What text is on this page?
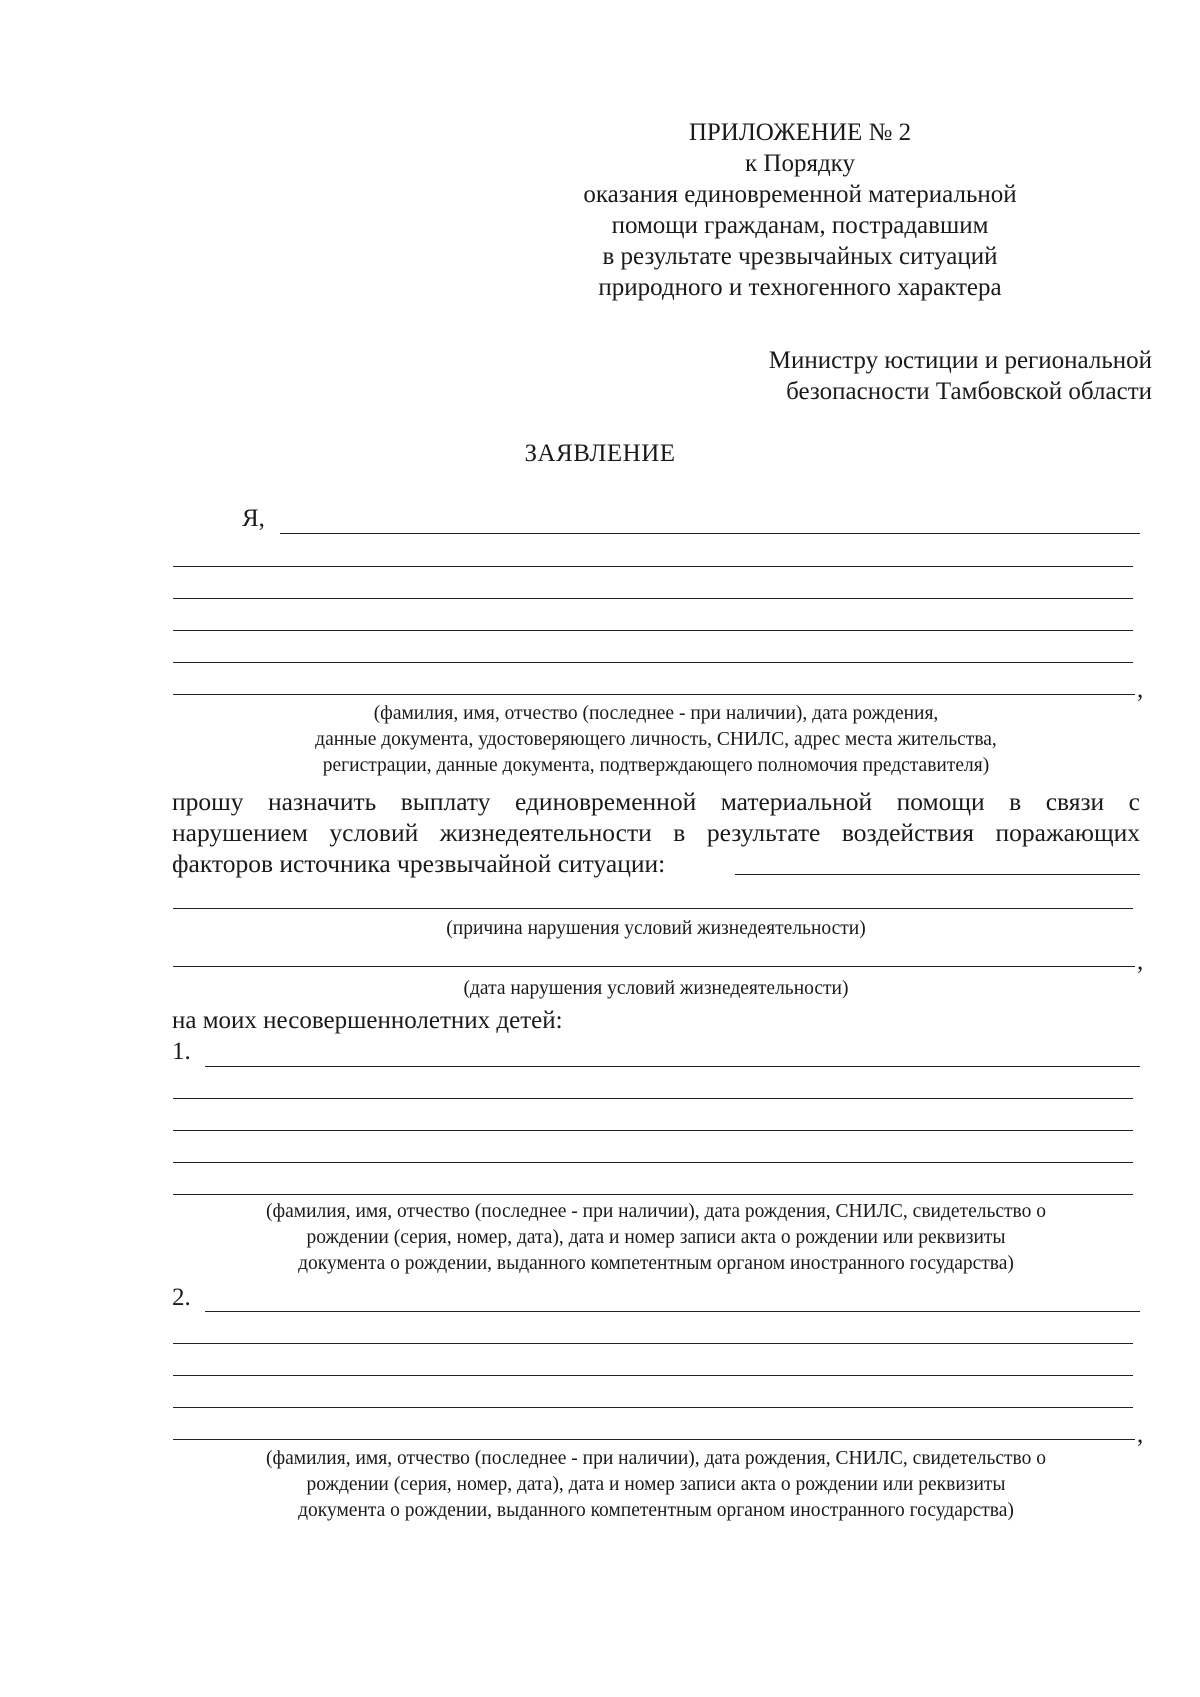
ПРИЛОЖЕНИЕ № 2
к Порядку
оказания единовременной материальной
помощи гражданам, пострадавшим
в результате чрезвычайных ситуаций
природного и техногенного характера
Министру юстиции и региональной
безопасности Тамбовской области
ЗАЯВЛЕНИЕ
Я,
,
(фамилия, имя, отчество (последнее - при наличии), дата рождения,
данные документа, удостоверяющего личность, СНИЛС, адрес места жительства,
регистрации, данные документа, подтверждающего полномочия представителя)
прошу назначить выплату единовременной материальной помощи в связи с
нарушением условий жизнедеятельности в результате воздействия поражающих
факторов источника чрезвычайной ситуации:
(причина нарушения условий жизнедеятельности)
,
(дата нарушения условий жизнедеятельности)
на моих несовершеннолетних детей:
1.
(фамилия, имя, отчество (последнее - при наличии), дата рождения, СНИЛС, свидетельство о
рождении (серия, номер, дата), дата и номер записи акта о рождении или реквизиты
документа о рождении, выданного компетентным органом иностранного государства)
2.
,
(фамилия, имя, отчество (последнее - при наличии), дата рождения, СНИЛС, свидетельство о
рождении (серия, номер, дата), дата и номер записи акта о рождении или реквизиты
документа о рождении, выданного компетентным органом иностранного государства)
